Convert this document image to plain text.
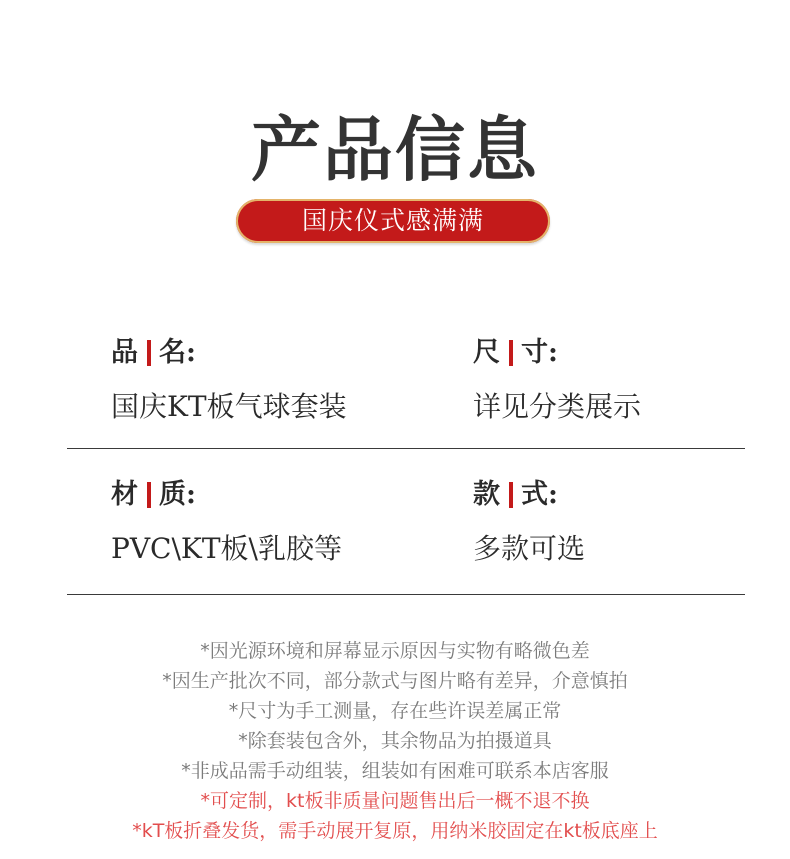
产品信息
国庆仪式感满满
品 名:
国庆KT板气球套装
尺 寸:
详见分类展示
材 质:
PVC\KT板\乳胶等
款 式:
多款可选
*因光源环境和屏幕显示原因与实物有略微色差
*因生产批次不同，部分款式与图片略有差异，介意慎拍
*尺寸为手工测量，存在些许误差属正常
*除套装包含外，其余物品为拍摄道具
*非成品需手动组装，组装如有困难可联系本店客服
*可定制，kt板非质量问题售出后一概不退不换
*kT板折叠发货，需手动展开复原，用纳米胶固定在kt板底座上
